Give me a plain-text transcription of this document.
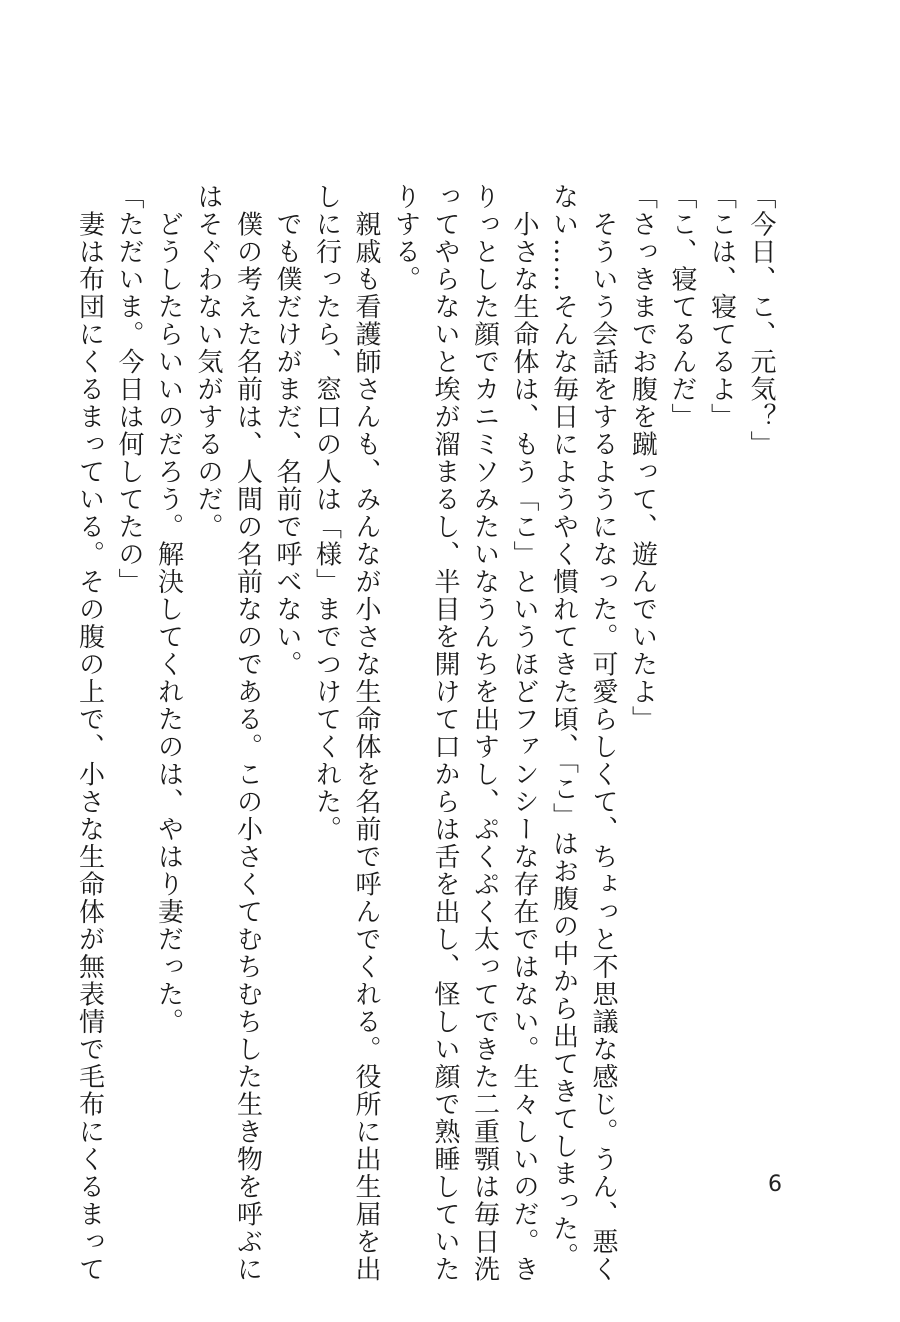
「今日、こ、元気？」

「こは、寝てるよ」

「こ、寝てるんだ」

「さっきまでお腹を蹴って、遊んでいたよ」

　そういう会話をするようになった。可愛らしくて、ちょっと不思議な感じ。うん、悪く

ない……そんな毎日にようやく慣れてきた頃、「こ」はお腹の中から出てきてしまった。

　小さな生命体は、もう「こ」というほどファンシーな存在ではない。生々しいのだ。き

りっとした顔でカニミソみたいなうんちを出すし、ぷくぷく太ってできた二重顎は毎日洗

ってやらないと埃が溜まるし、半目を開けて口からは舌を出し、怪しい顔で熟睡していた

りする。

　親戚も看護師さんも、みんなが小さな生命体を名前で呼んでくれる。役所に出生届を出

しに行ったら、窓口の人は「様」までつけてくれた。

　でも僕だけがまだ、名前で呼べない。

　僕の考えた名前は、人間の名前なのである。この小さくてむちむちした生き物を呼ぶに

はそぐわない気がするのだ。

　どうしたらいいのだろう。解決してくれたのは、やはり妻だった。

「ただいま。今日は何してたの」

　妻は布団にくるまっている。その腹の上で、小さな生命体が無表情で毛布にくるまって	6
